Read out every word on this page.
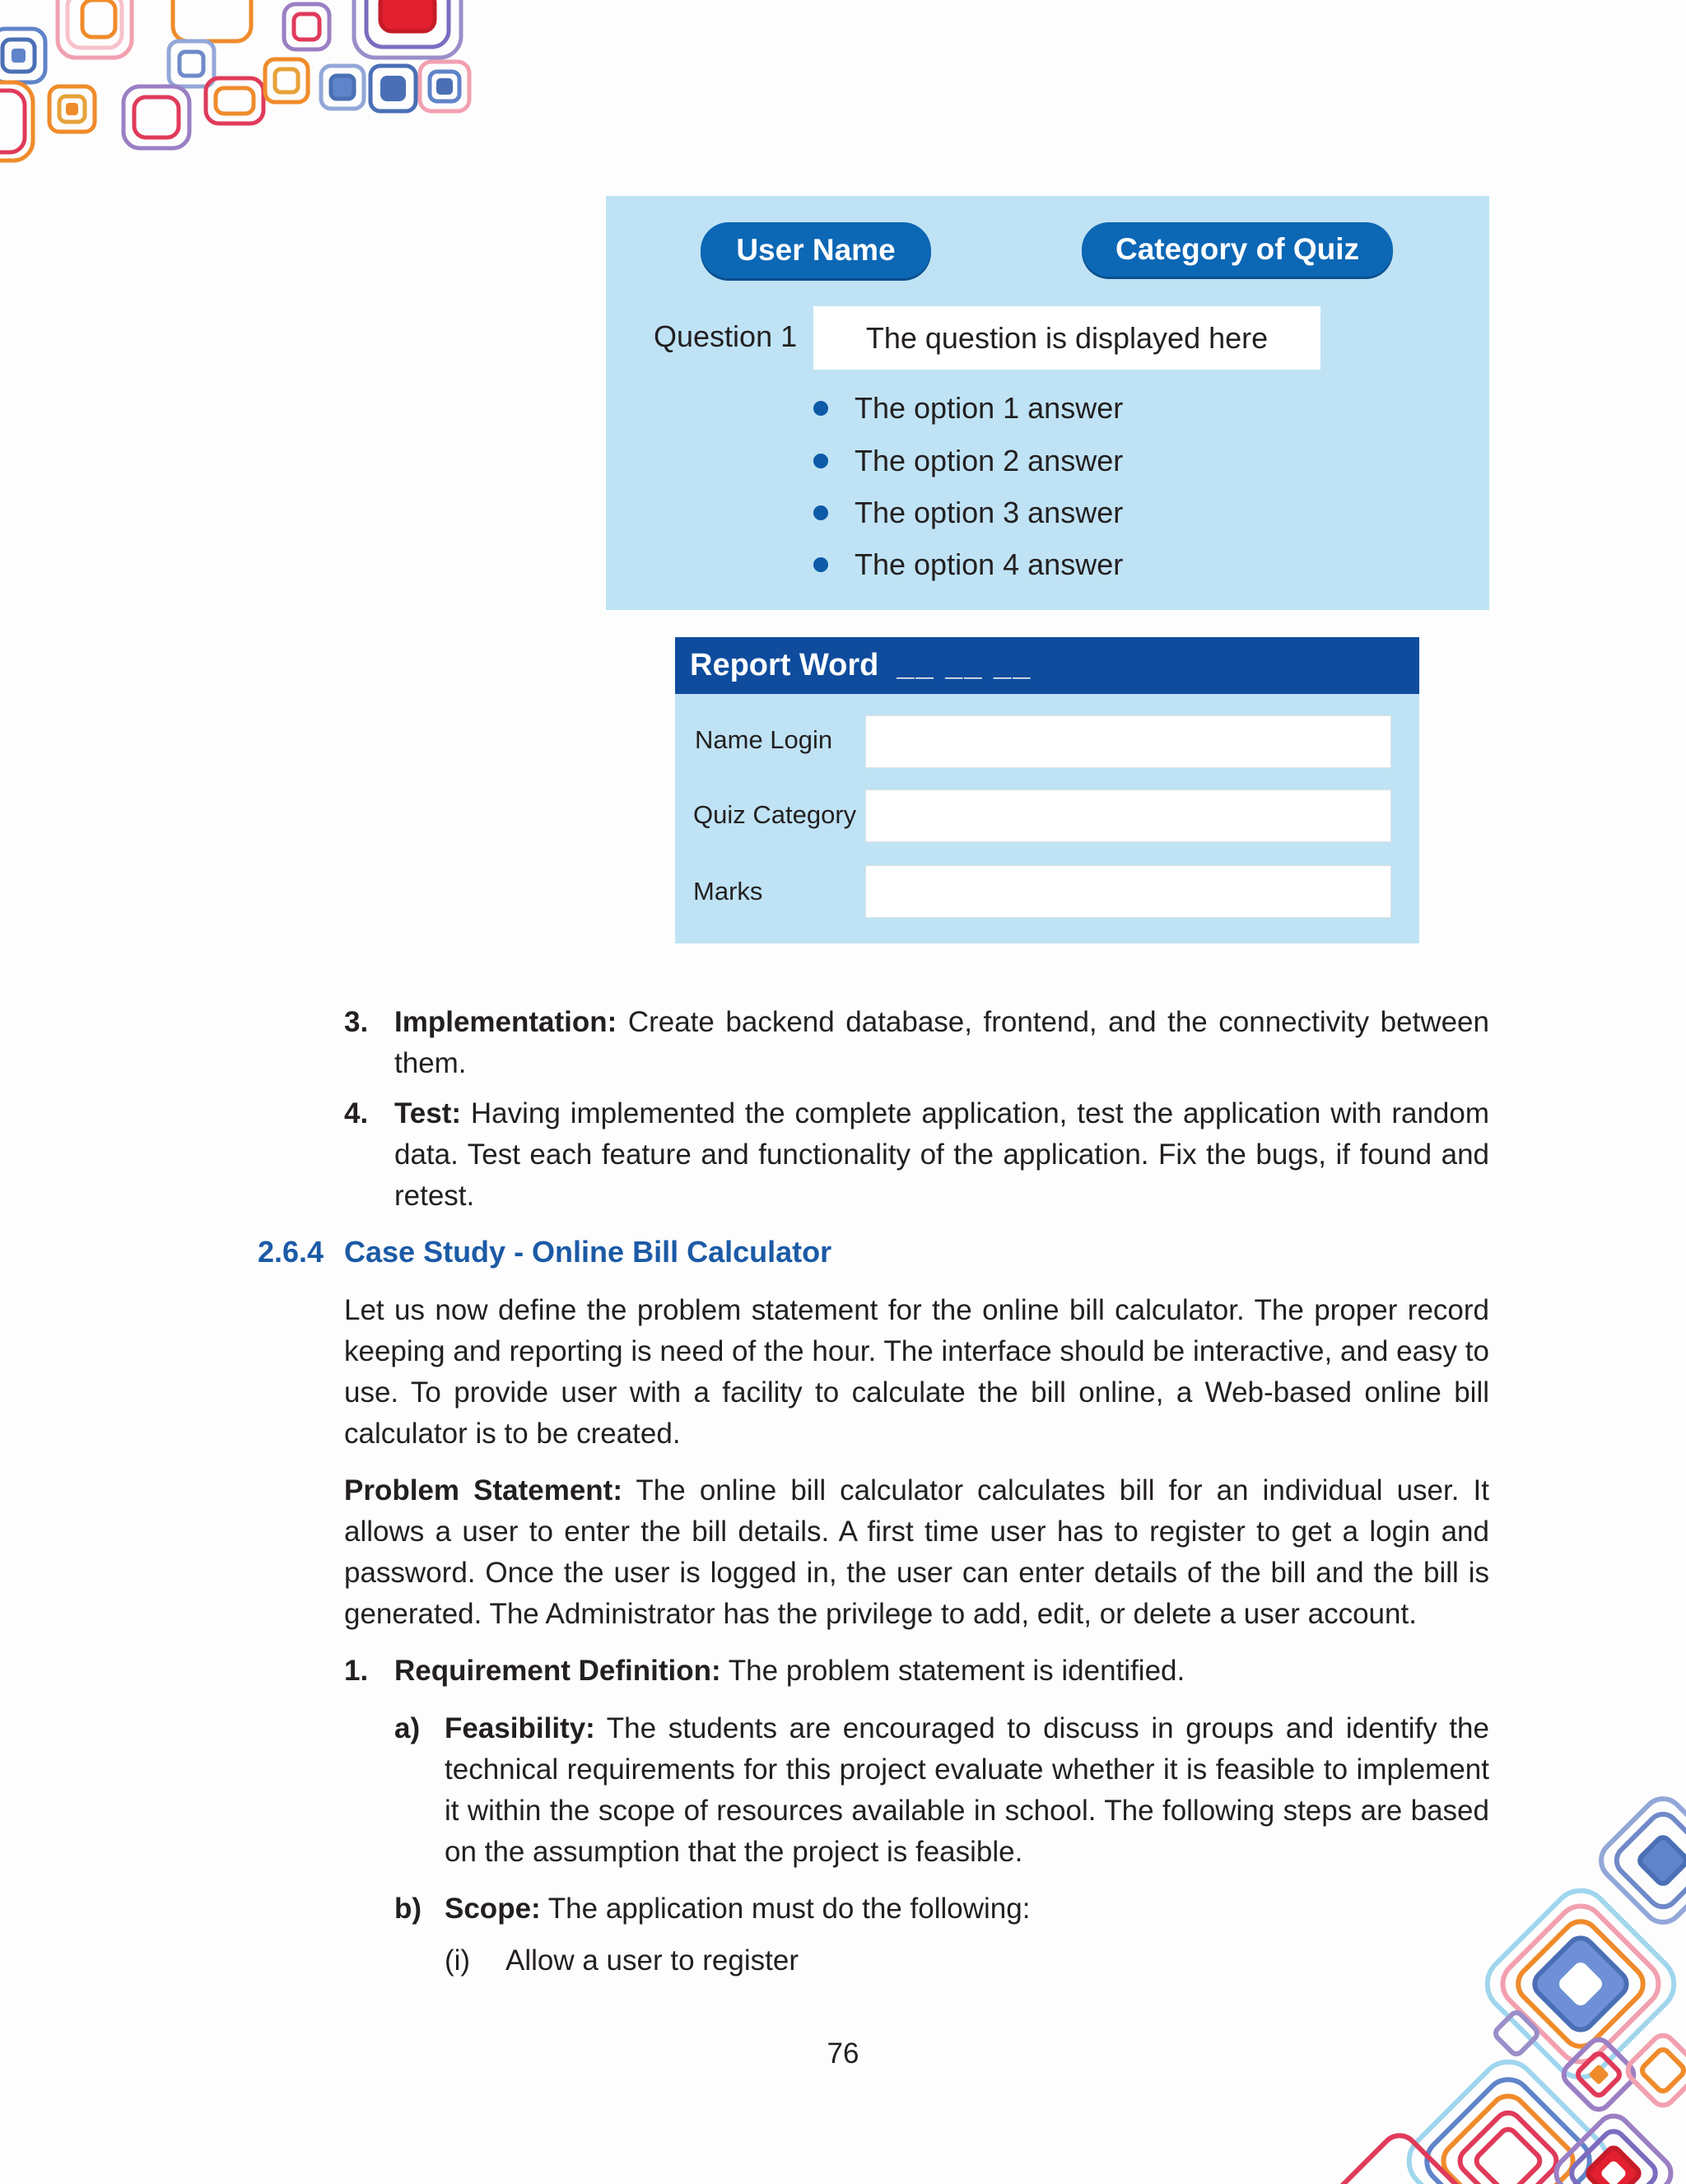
User Name	Category of Quiz
Question 1	The question is displayed here
The option 1 answer
The option 2 answer
The option 3 answer
The option 4 answer
Report Word __ __ __
Name Login
Quiz Category
Marks
3. Implementation: Create backend database, frontend, and the connectivity between them.
4. Test: Having implemented the complete application, test the application with random data. Test each feature and functionality of the application. Fix the bugs, if found and retest.
2.6.4 Case Study - Online Bill Calculator
Let us now define the problem statement for the online bill calculator. The proper record keeping and reporting is need of the hour. The interface should be interactive, and easy to use. To provide user with a facility to calculate the bill online, a Web-based online bill calculator is to be created.
Problem Statement: The online bill calculator calculates bill for an individual user. It allows a user to enter the bill details. A first time user has to register to get a login and password. Once the user is logged in, the user can enter details of the bill and the bill is generated. The Administrator has the privilege to add, edit, or delete a user account.
1. Requirement Definition: The problem statement is identified.
a) Feasibility: The students are encouraged to discuss in groups and identify the technical requirements for this project evaluate whether it is feasible to implement it within the scope of resources available in school. The following steps are based on the assumption that the project is feasible.
b) Scope: The application must do the following:
(i) Allow a user to register
76
